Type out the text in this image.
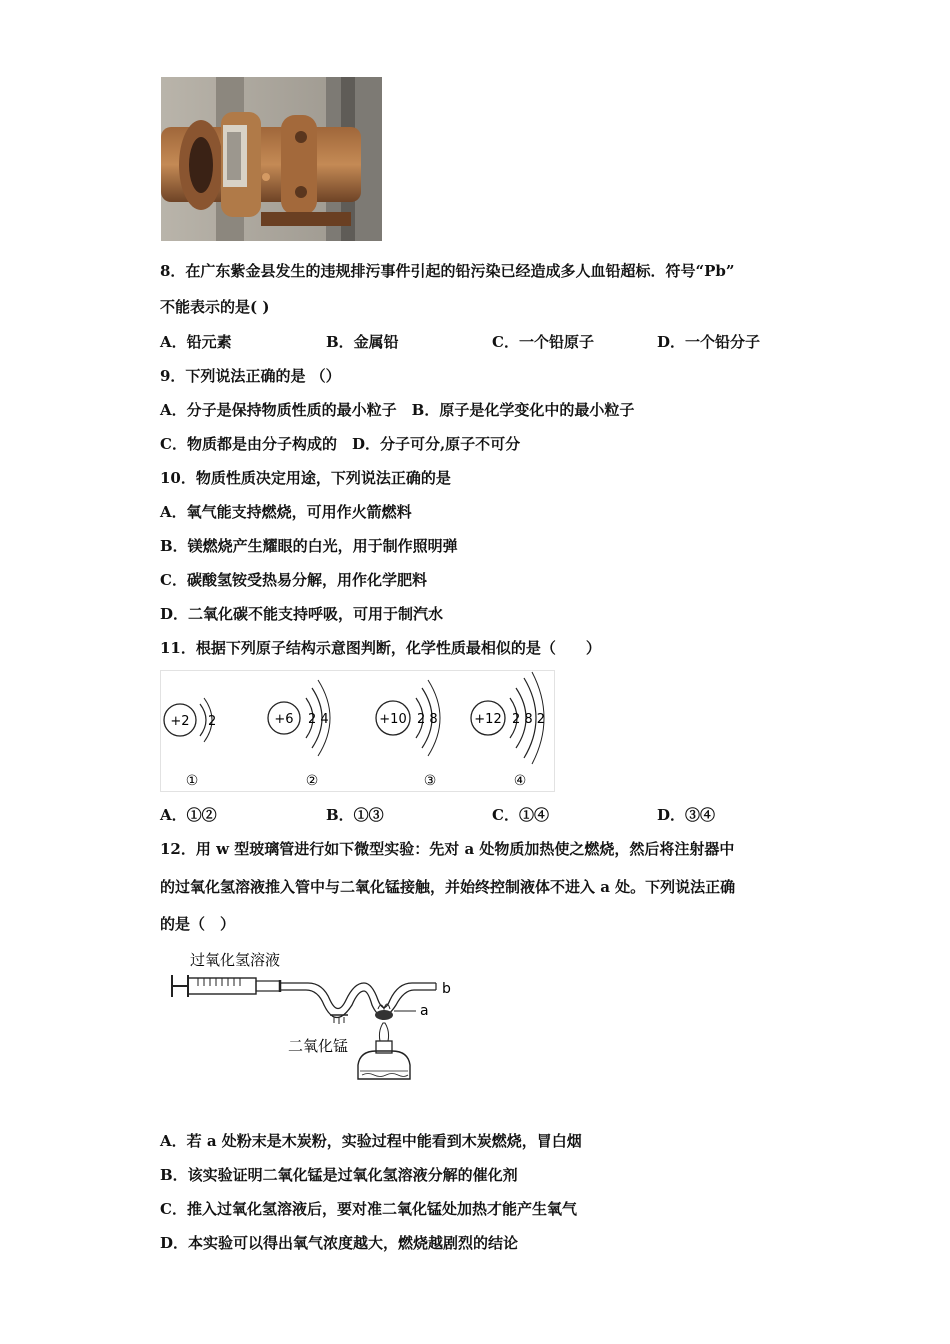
8．在广东紫金县发生的违规排污事件引起的铅污染已经造成多人血铅超标．符号“Pb”
不能表示的是( )
A．铅元素	B．金属铅	C．一个铅原子	D．一个铅分子
9．下列说法正确的是 （）
A．分子是保持物质性质的最小粒子　B．原子是化学变化中的最小粒子
C．物质都是由分子构成的　D．分子可分,原子不可分
10．物质性质决定用途，下列说法正确的是
A．氧气能支持燃烧，可用作火箭燃料
B．镁燃烧产生耀眼的白光，用于制作照明弹
C．碳酸氢铵受热易分解，用作化学肥料
D．二氧化碳不能支持呼吸，可用于制汽水
11．根据下列原子结构示意图判断，化学性质最相似的是（　　）
+2 2
①
+6 2 4
②
+10 2 8
③
+12 2 8 2
④
A．①②	B．①③	C．①④	D．③④
12．用 w 型玻璃管进行如下微型实验：先对 a 处物质加热使之燃烧，然后将注射器中
的过氧化氢溶液推入管中与二氧化锰接触，并始终控制液体不进入 a 处。下列说法正确
的是（　）
过氧化氢溶液
b
二氧化锰
a
A．若 a 处粉末是木炭粉，实验过程中能看到木炭燃烧，冒白烟
B．该实验证明二氧化锰是过氧化氢溶液分解的催化剂
C．推入过氧化氢溶液后，要对准二氧化锰处加热才能产生氧气
D．本实验可以得出氧气浓度越大，燃烧越剧烈的结论
